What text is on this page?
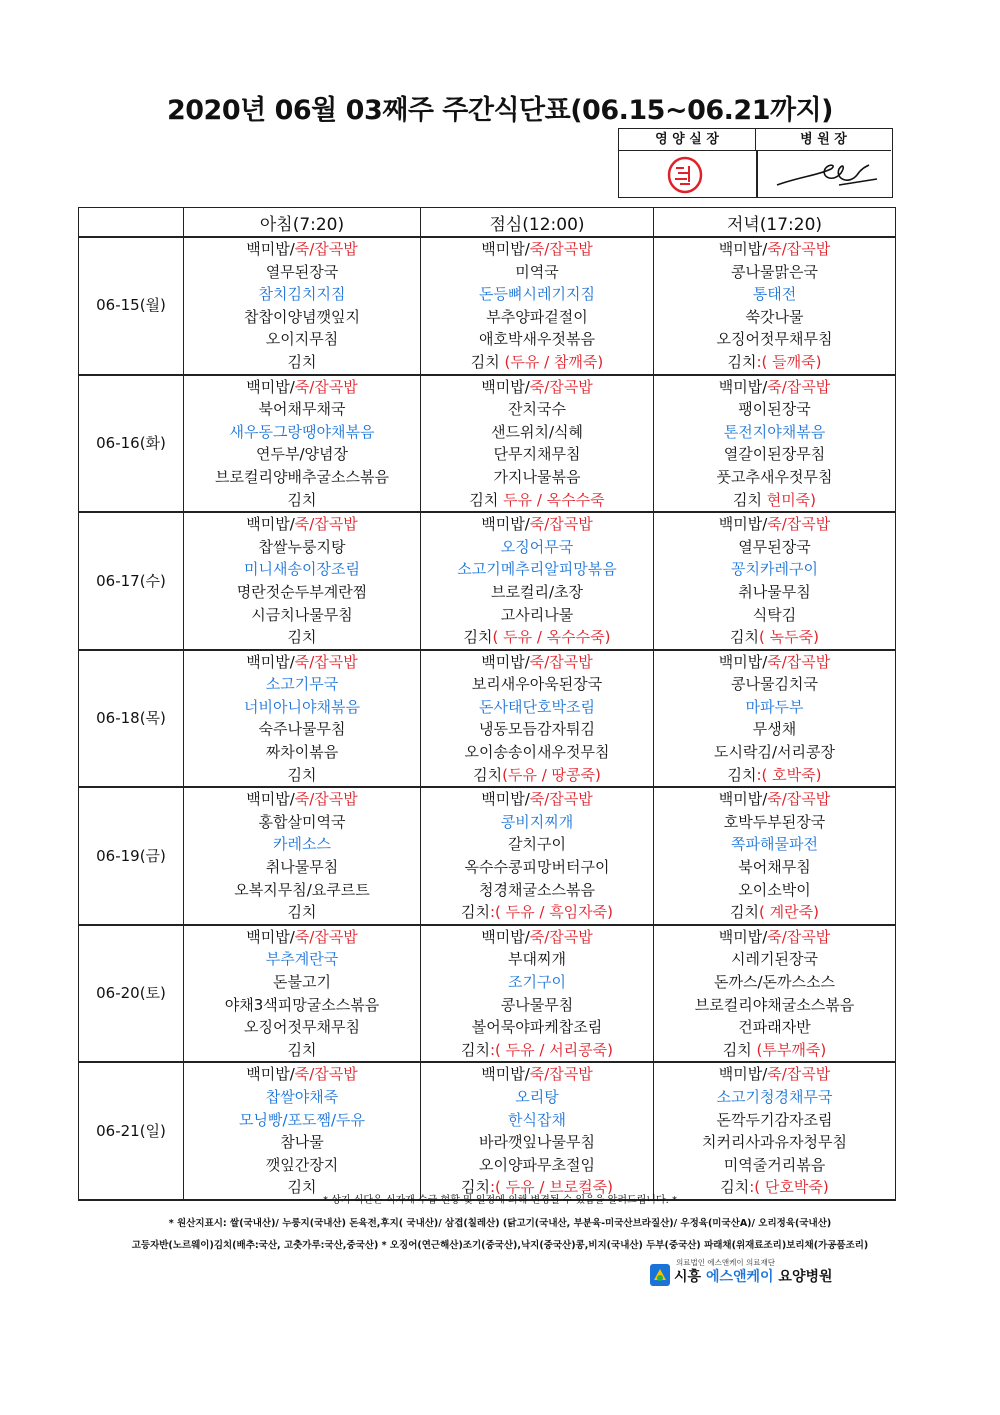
2020년 06월 03째주 주간식단표(06.15~06.21까지)
영 양 실 장	병 원 장
	아침(7:20)	점심(12:00)	저녁(17:20)
06-15(월)	백미밥/죽/잡곡밥	백미밥/죽/잡곡밥	백미밥/죽/잡곡밥
	열무된장국	미역국	콩나물맑은국
	참치김치지짐	돈등뼈시레기지짐	통태전
	찹찹이양념깻잎지	부추양파겉절이	쑥갓나물
	오이지무침	애호박새우젓볶음	오징어젓무채무침
	김치	김치 (두유 / 참깨죽)	김치:( 들깨죽)
06-16(화)	백미밥/죽/잡곡밥	백미밥/죽/잡곡밥	백미밥/죽/잡곡밥
	북어채무채국	잔치국수	팽이된장국
	새우동그랑땡야채볶음	샌드위치/식혜	톤전지야채볶음
	연두부/양념장	단무지채무침	열갈이된장무침
	브로컬리양배추굴소스볶음	가지나물볶음	풋고추새우젓무침
	김치	김치 두유 / 옥수수죽	김치 현미죽)
06-17(수)	백미밥/죽/잡곡밥	백미밥/죽/잡곡밥	백미밥/죽/잡곡밥
	찹쌀누룽지탕	오징어무국	열무된장국
	미니새송이장조림	소고기메추리알피망볶음	꽁치카레구이
	명란젓순두부계란찜	브로컬리/초장	취나물무침
	시금치나물무침	고사리나물	식탁김
	김치	김치( 두유 / 옥수수죽)	김치( 녹두죽)
06-18(목)	백미밥/죽/잡곡밥	백미밥/죽/잡곡밥	백미밥/죽/잡곡밥
	소고기무국	보리새우아욱된장국	콩나물김치국
	너비아니야채볶음	돈사태단호박조림	마파두부
	숙주나물무침	냉동모듬감자튀김	무생채
	짜차이볶음	오이송송이새우젓무침	도시락김/서리콩장
	김치	김치(두유 / 땅콩죽)	김치:( 호박죽)
06-19(금)	백미밥/죽/잡곡밥	백미밥/죽/잡곡밥	백미밥/죽/잡곡밥
	홍합살미역국	콩비지찌개	호박두부된장국
	카레소스	갈치구이	쪽파해물파전
	취나물무침	옥수수콩피망버터구이	북어채무침
	오복지무침/요쿠르트	청경채굴소스볶음	오이소박이
	김치	김치:( 두유 / 흑임자죽)	김치( 계란죽)
06-20(토)	백미밥/죽/잡곡밥	백미밥/죽/잡곡밥	백미밥/죽/잡곡밥
	부추계란국	부대찌개	시레기된장국
	돈불고기	조기구이	돈까스/돈까스소스
	야채3색피망굴소스볶음	콩나물무침	브로컬리야채굴소스볶음
	오징어젓무채무침	볼어묵야파케찹조림	건파래자반
	김치	김치:( 두유 / 서리콩죽)	김치 (투부깨죽)
06-21(일)	백미밥/죽/잡곡밥	백미밥/죽/잡곡밥	백미밥/죽/잡곡밥
	찹쌀야채죽	오리탕	소고기청경채무국
	모닝빵/포도쨈/두유	한식잡채	돈깍두기감자조림
	참나물	바라깻잎나물무침	치커리사과유자청무침
	깻잎간장지	오이양파무초절임	미역줄거리볶음
	김치	김치:( 두유 / 브로컬죽)	김치:( 단호박죽)
* 상기 식단은 식자재 수급 현황 및 일정에 의해 변경될 수 있음을 알려드립니다. *
* 원산지표시: 쌀(국내산)/ 누룽지(국내산) 돈육전,후지( 국내산)/ 삼겹(칠레산) (닭고기(국내산, 부분육-미국산브라질산)/ 우정육(미국산A)/ 오리정육(국내산)
고등자반(노르웨이)김치(배추:국산, 고춧가루:국산,중국산) * 오징어(연근해산)조기(중국산),낙지(중국산)콩,비지(국내산) 두부(중국산) 파래채(위재료조리)보리채(가공품조리)
의료법인 에스앤케이 의료재단
시흥 에스앤케이 요양병원
